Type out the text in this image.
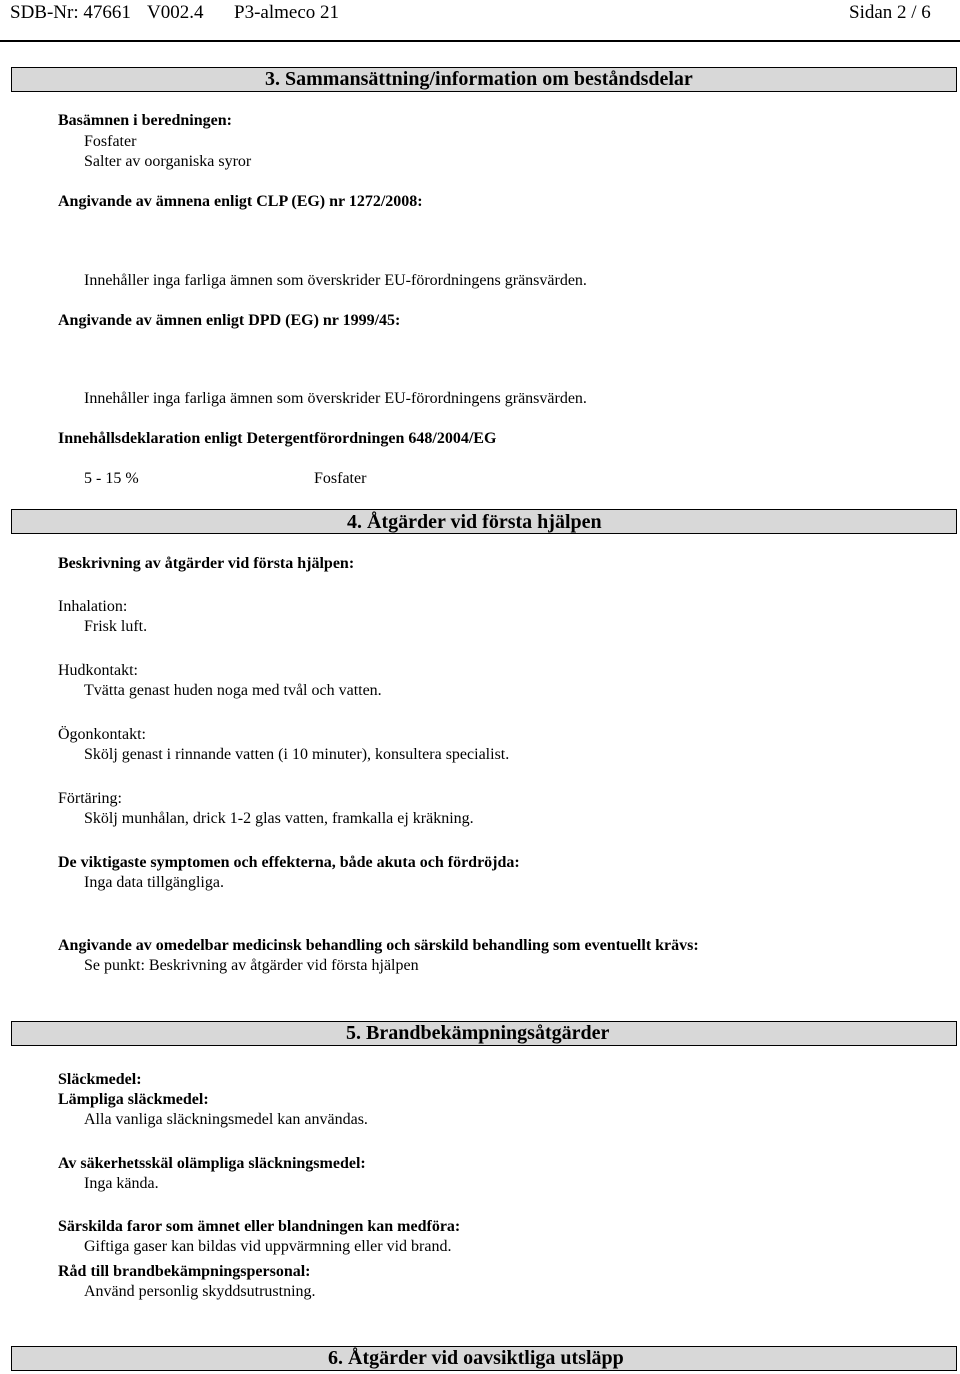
SDB-Nr: 47661 V002.4 P3-almeco 21	Sidan 2 / 6
3. Sammansättning/information om beståndsdelar
Basämnen i beredningen:
Fosfater
Salter av oorganiska syror
Angivande av ämnena enligt CLP (EG) nr 1272/2008:
Innehåller inga farliga ämnen som överskrider EU-förordningens gränsvärden.
Angivande av ämnen enligt DPD (EG) nr 1999/45:
Innehåller inga farliga ämnen som överskrider EU-förordningens gränsvärden.
Innehållsdeklaration enligt Detergentförordningen 648/2004/EG
5 - 15 %	Fosfater
4. Åtgärder vid första hjälpen
Beskrivning av åtgärder vid första hjälpen:
Inhalation:
Frisk luft.
Hudkontakt:
Tvätta genast huden noga med tvål och vatten.
Ögonkontakt:
Skölj genast i rinnande vatten (i 10 minuter), konsultera specialist.
Förtäring:
Skölj munhålan, drick 1-2 glas vatten, framkalla ej kräkning.
De viktigaste symptomen och effekterna, både akuta och fördröjda:
Inga data tillgängliga.
Angivande av omedelbar medicinsk behandling och särskild behandling som eventuellt krävs:
Se punkt: Beskrivning av åtgärder vid första hjälpen
5. Brandbekämpningsåtgärder
Släckmedel:
Lämpliga släckmedel:
Alla vanliga släckningsmedel kan användas.
Av säkerhetsskäl olämpliga släckningsmedel:
Inga kända.
Särskilda faror som ämnet eller blandningen kan medföra:
Giftiga gaser kan bildas vid uppvärmning eller vid brand.
Råd till brandbekämpningspersonal:
Använd personlig skyddsutrustning.
6. Åtgärder vid oavsiktliga utsläpp
